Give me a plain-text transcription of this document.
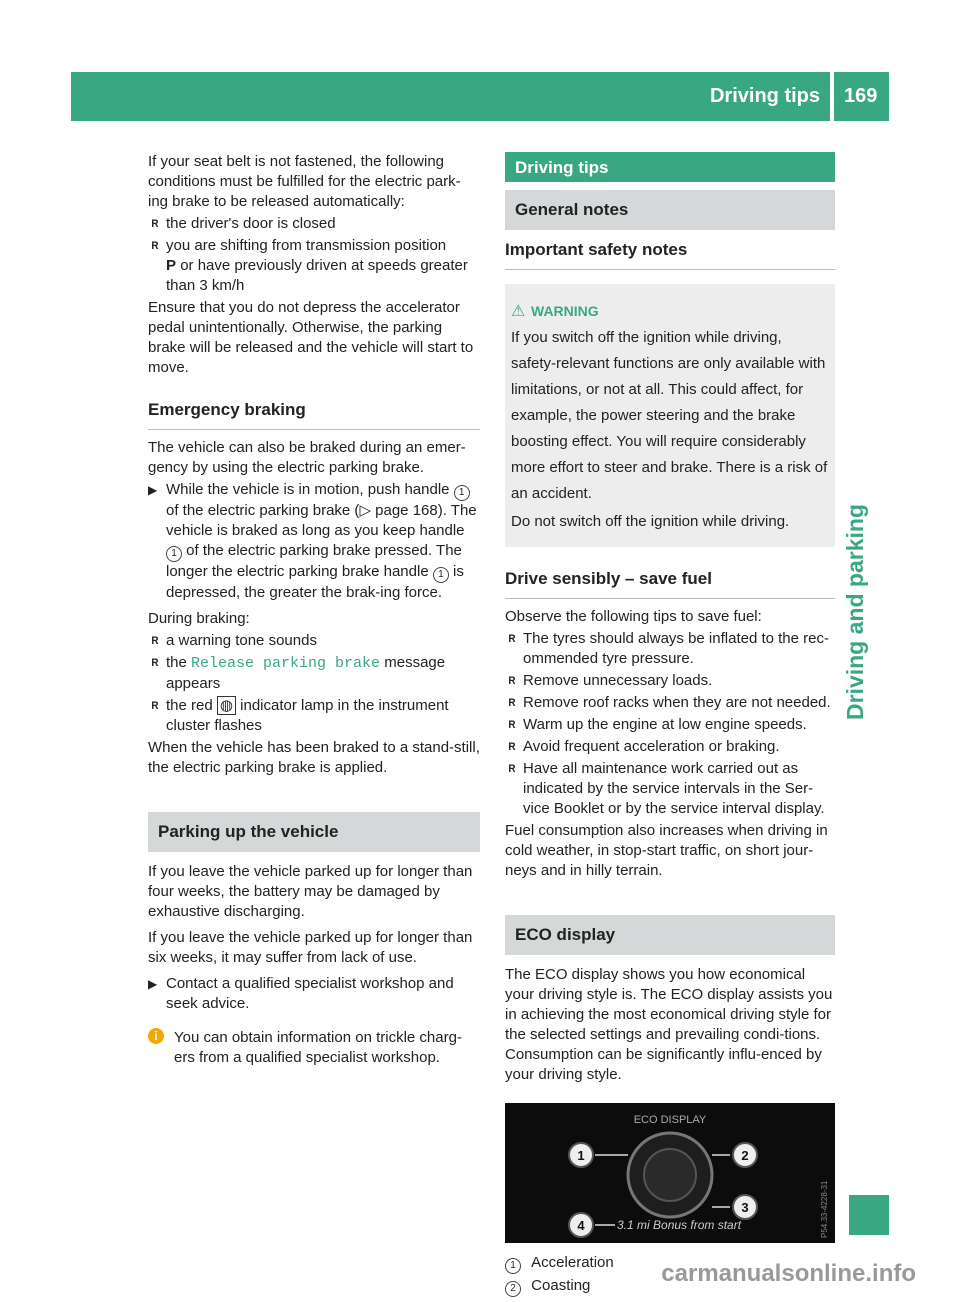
Driving tips 169
Driving and parking

If your seat belt is not fastened, the following conditions must be fulfilled for the electric park-ing brake to be released automatically:

R the driver's door is closed
R you are shifting from transmission position
P or have previously driven at speeds greater than 3 km/h

Ensure that you do not depress the accelerator pedal unintentionally. Otherwise, the parking brake will be released and the vehicle will start to move.

Emergency braking

The vehicle can also be braked during an emer-gency by using the electric parking brake.

▶ While the vehicle is in motion, push handle 1 of the electric parking brake (▷ page 168). The vehicle is braked as long as you keep handle 1 of the electric parking brake pressed. The longer the electric parking brake handle 1 is depressed, the greater the brak-ing force.

During braking:

R a warning tone sounds
R the Release parking brake message appears
R the red ◍ indicator lamp in the instrument cluster flashes

When the vehicle has been braked to a stand-still, the electric parking brake is applied.

Parking up the vehicle

If you leave the vehicle parked up for longer than four weeks, the battery may be damaged by exhaustive discharging.

If you leave the vehicle parked up for longer than six weeks, it may suffer from lack of use.

▶ Contact a qualified specialist workshop and seek advice.
i	You can obtain information on trickle charg-ers from a qualified specialist workshop.
Driving tips
General notes
Important safety notes
⚠ WARNING

If you switch off the ignition while driving, safety-relevant functions are only available with limitations, or not at all. This could affect, for example, the power steering and the brake boosting effect. You will require considerably more effort to steer and brake. There is a risk of an accident.

Do not switch off the ignition while driving.

Drive sensibly – save fuel

Observe the following tips to save fuel:

R The tyres should always be inflated to the rec-ommended tyre pressure.
R Remove unnecessary loads.
R Remove roof racks when they are not needed.
R Warm up the engine at low engine speeds.
R Avoid frequent acceleration or braking.
R Have all maintenance work carried out as indicated by the service intervals in the Ser-vice Booklet or by the service interval display.

Fuel consumption also increases when driving in cold weather, in stop-start traffic, on short jour-neys and in hilly terrain.

ECO display

The ECO display shows you how economical your driving style is. The ECO display assists you in achieving the most economical driving style for the selected settings and prevailing condi-tions. Consumption can be significantly influ-enced by your driving style.

ECO DISPLAY
1	2
3
4	3.1 mi Bonus from start	P54.33-4228-31
1 Acceleration
2 Coasting	carmanualsonline.info
